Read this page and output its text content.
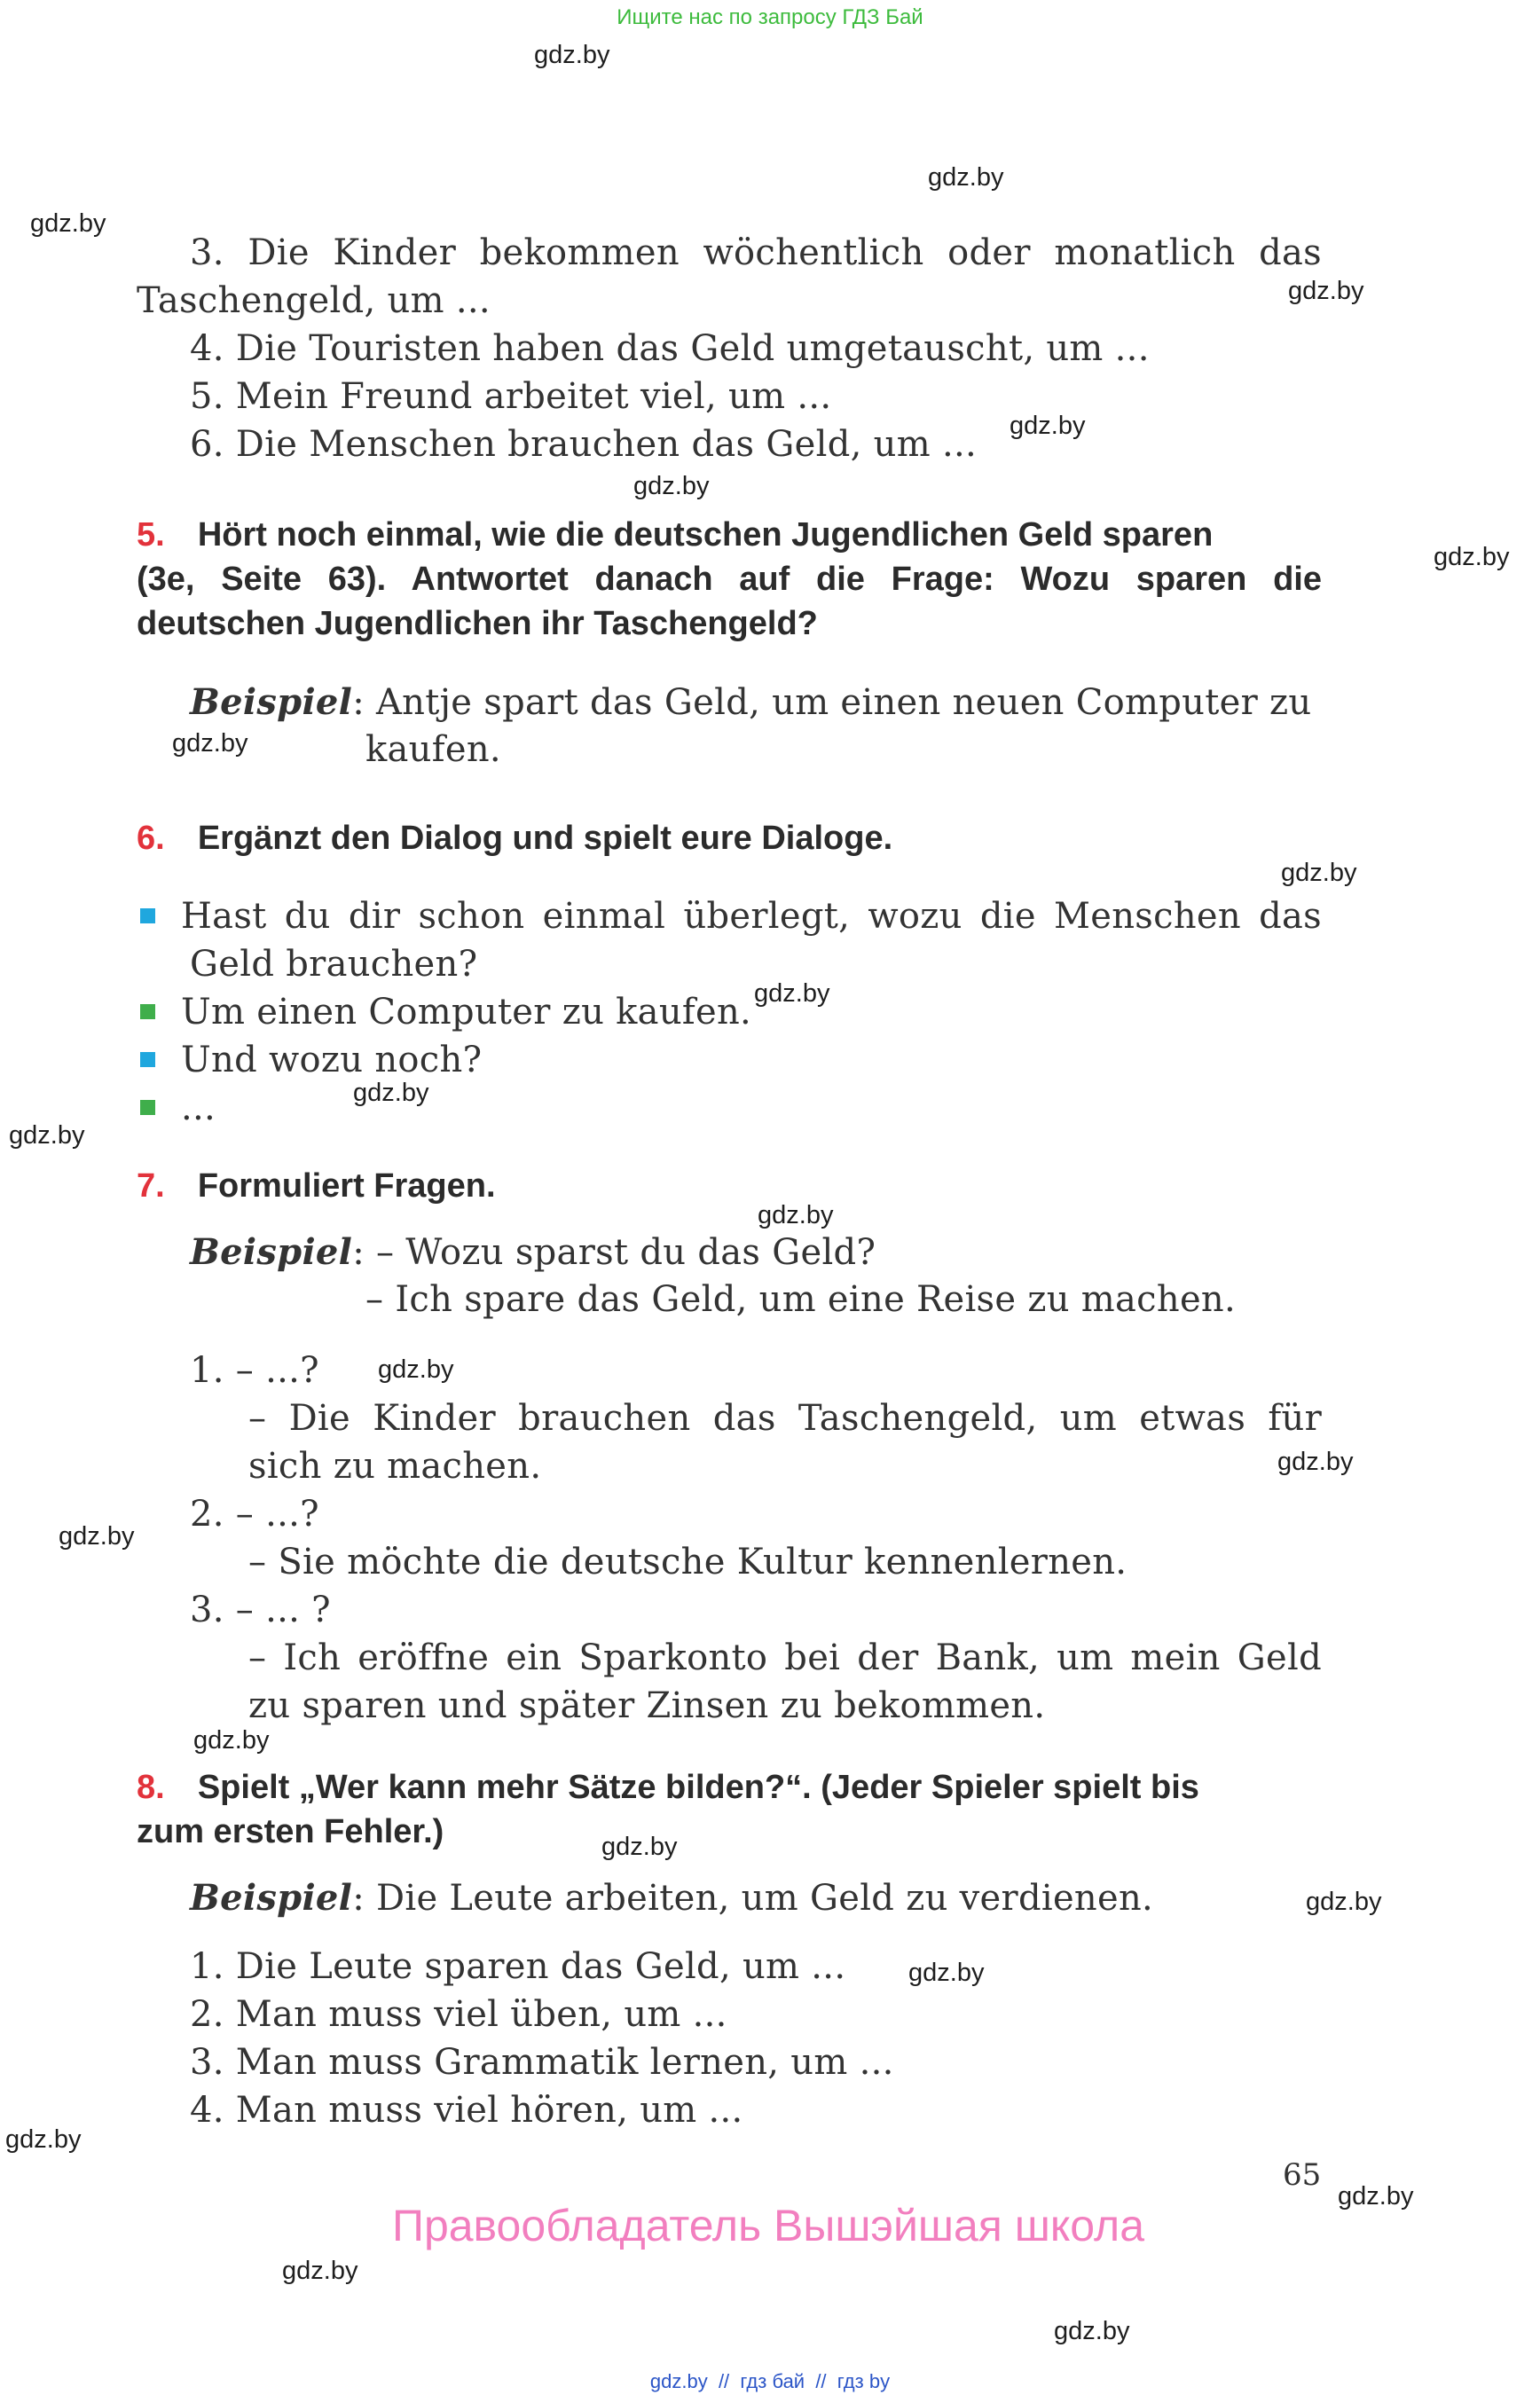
Ищите нас по запросу ГДЗ Бай
gdz.by
gdz.by
gdz.by
gdz.by
gdz.by
gdz.by
gdz.by
gdz.by
gdz.by
gdz.by
gdz.by
gdz.by
gdz.by
gdz.by
gdz.by
gdz.by
gdz.by
gdz.by
gdz.by
gdz.by
gdz.by
gdz.by
gdz.by
gdz.by
3. Die Kinder bekommen wöchentlich oder monatlich das
Taschengeld, um ...
4. Die Touristen haben das Geld umgetauscht, um ...
5. Mein Freund arbeitet viel, um ...
6. Die Menschen brauchen das Geld, um ...
5. Hört noch einmal, wie die deutschen Jugendlichen Geld sparen
(3e, Seite 63). Antwortet danach auf die Frage: Wozu sparen die
deutschen Jugendlichen ihr Taschengeld?
Beispiel: Antje spart das Geld, um einen neuen Computer zu
kaufen.
6. Ergänzt den Dialog und spielt eure Dialoge.
Hast du dir schon einmal überlegt, wozu die Menschen das
Geld brauchen?
Um einen Computer zu kaufen.
Und wozu noch?
...
7. Formuliert Fragen.
Beispiel: – Wozu sparst du das Geld?
– Ich spare das Geld, um eine Reise zu machen.
1. – ...?
– Die Kinder brauchen das Taschengeld, um etwas für
sich zu machen.
2. – ...?
– Sie möchte die deutsche Kultur kennenlernen.
3. – ... ?
– Ich eröffne ein Sparkonto bei der Bank, um mein Geld
zu sparen und später Zinsen zu bekommen.
8. Spielt „Wer kann mehr Sätze bilden?“. (Jeder Spieler spielt bis
zum ersten Fehler.)
Beispiel: Die Leute arbeiten, um Geld zu verdienen.
1. Die Leute sparen das Geld, um ...
2. Man muss viel üben, um ...
3. Man muss Grammatik lernen, um ...
4. Man muss viel hören, um ...
65
Правообладатель Вышэйшая школа
gdz.by  //  гдз бай  //  гдз by
